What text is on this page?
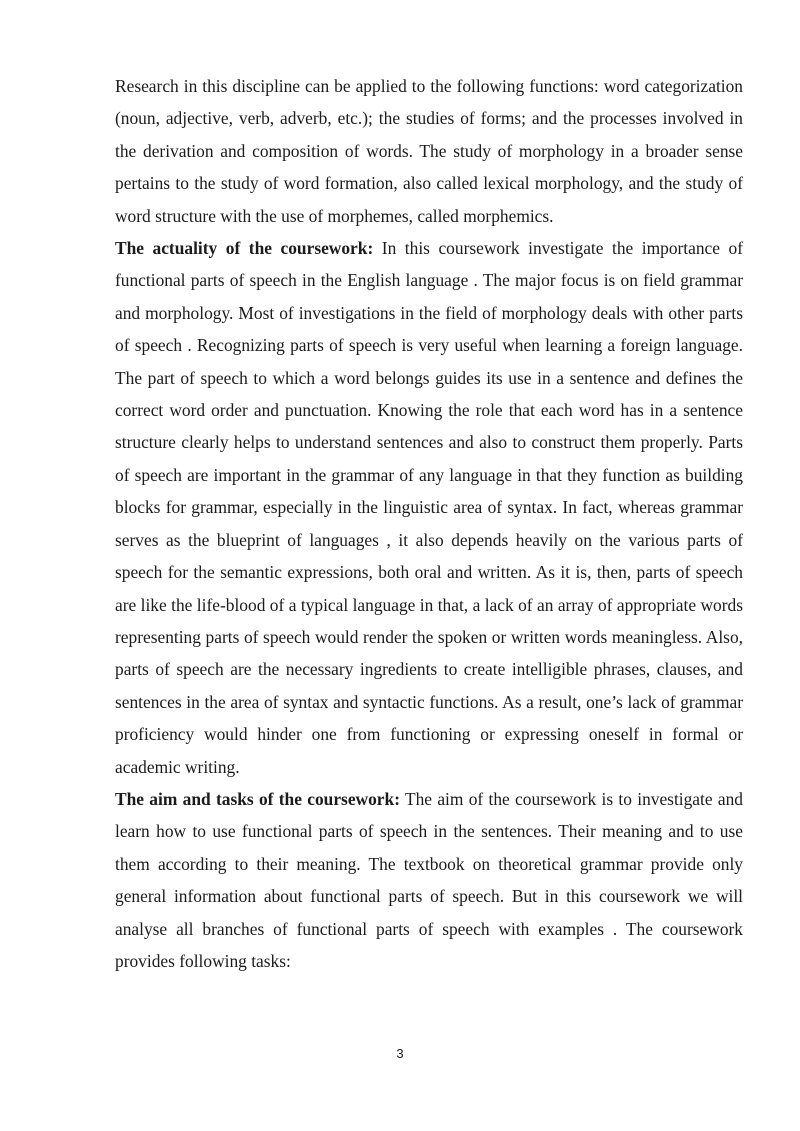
Research in this discipline can be applied to the following functions: word categorization (noun, adjective, verb, adverb, etc.); the studies of forms; and the processes involved in the derivation and composition of words. The study of morphology in a broader sense pertains to the study of word formation, also called lexical morphology, and the study of word structure with the use of morphemes, called morphemics.

The actuality of the coursework: In this coursework investigate the importance of functional parts of speech in the English language . The major focus is on field grammar and morphology. Most of investigations in the field of morphology deals with other parts of speech . Recognizing parts of speech is very useful when learning a foreign language. The part of speech to which a word belongs guides its use in a sentence and defines the correct word order and punctuation. Knowing the role that each word has in a sentence structure clearly helps to understand sentences and also to construct them properly. Parts of speech are important in the grammar of any language in that they function as building blocks for grammar, especially in the linguistic area of syntax. In fact, whereas grammar serves as the blueprint of languages , it also depends heavily on the various parts of speech for the semantic expressions, both oral and written. As it is, then, parts of speech are like the life-blood of a typical language in that, a lack of an array of appropriate words representing parts of speech would render the spoken or written words meaningless. Also, parts of speech are the necessary ingredients to create intelligible phrases, clauses, and sentences in the area of syntax and syntactic functions. As a result, one’s lack of grammar proficiency would hinder one from functioning or expressing oneself in formal or academic writing.

The aim and tasks of the coursework: The aim of the coursework is to investigate and learn how to use functional parts of speech in the sentences. Their meaning and to use them according to their meaning. The textbook on theoretical grammar provide only general information about functional parts of speech. But in this coursework we will analyse all branches of functional parts of speech with examples . The coursework provides following tasks:

3
